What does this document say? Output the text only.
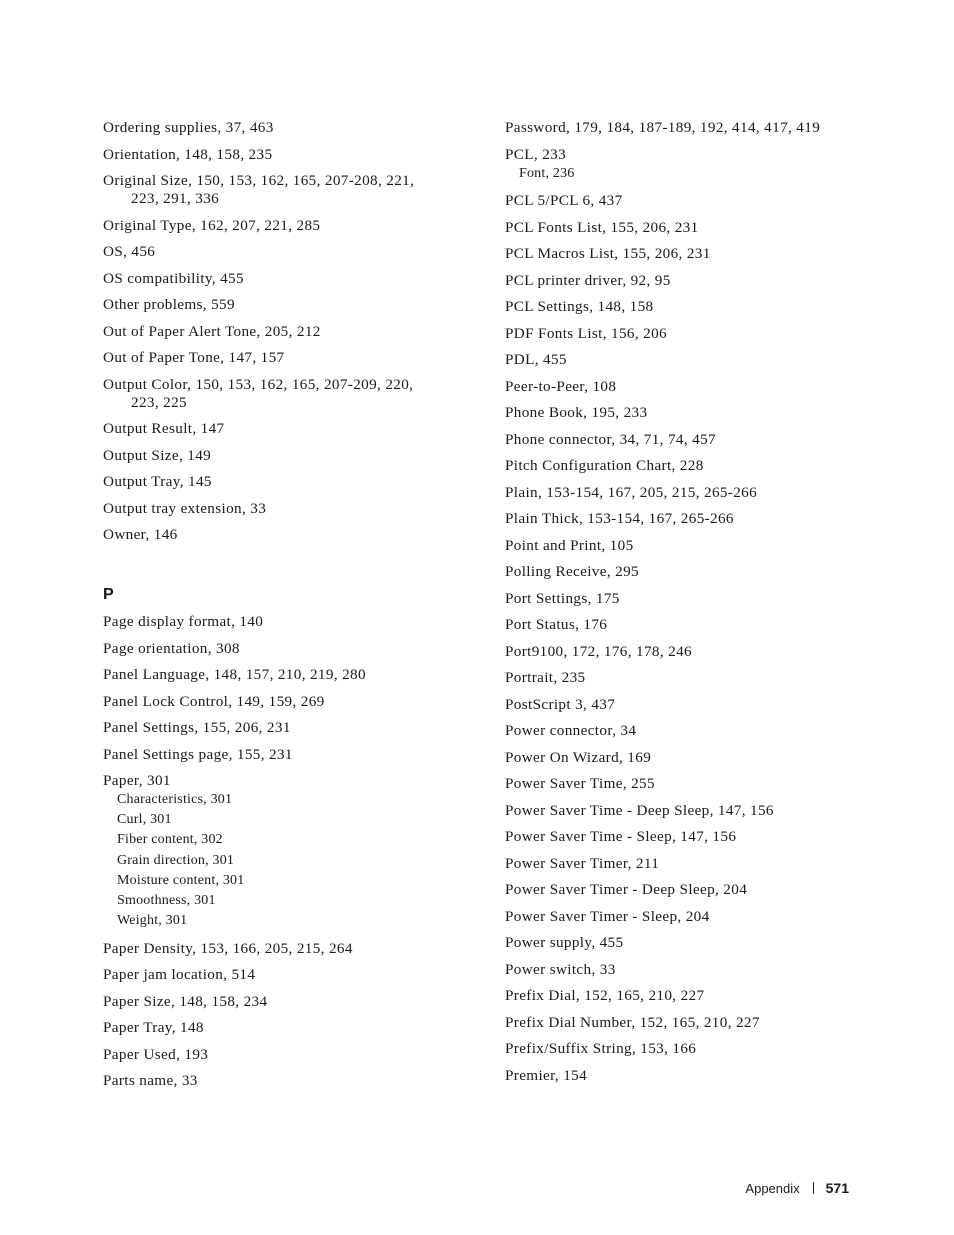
Ordering supplies, 37, 463
Orientation, 148, 158, 235
Original Size, 150, 153, 162, 165, 207-208, 221,
223, 291, 336
Original Type, 162, 207, 221, 285
OS, 456
OS compatibility, 455
Other problems, 559
Out of Paper Alert Tone, 205, 212
Out of Paper Tone, 147, 157
Output Color, 150, 153, 162, 165, 207-209, 220,
223, 225
Output Result, 147
Output Size, 149
Output Tray, 145
Output tray extension, 33
Owner, 146
P
Page display format, 140
Page orientation, 308
Panel Language, 148, 157, 210, 219, 280
Panel Lock Control, 149, 159, 269
Panel Settings, 155, 206, 231
Panel Settings page, 155, 231
Paper, 301
Characteristics, 301
Curl, 301
Fiber content, 302
Grain direction, 301
Moisture content, 301
Smoothness, 301
Weight, 301
Paper Density, 153, 166, 205, 215, 264
Paper jam location, 514
Paper Size, 148, 158, 234
Paper Tray, 148
Paper Used, 193
Parts name, 33
Password, 179, 184, 187-189, 192, 414, 417, 419
PCL, 233
Font, 236
PCL 5/PCL 6, 437
PCL Fonts List, 155, 206, 231
PCL Macros List, 155, 206, 231
PCL printer driver, 92, 95
PCL Settings, 148, 158
PDF Fonts List, 156, 206
PDL, 455
Peer-to-Peer, 108
Phone Book, 195, 233
Phone connector, 34, 71, 74, 457
Pitch Configuration Chart, 228
Plain, 153-154, 167, 205, 215, 265-266
Plain Thick, 153-154, 167, 265-266
Point and Print, 105
Polling Receive, 295
Port Settings, 175
Port Status, 176
Port9100, 172, 176, 178, 246
Portrait, 235
PostScript 3, 437
Power connector, 34
Power On Wizard, 169
Power Saver Time, 255
Power Saver Time - Deep Sleep, 147, 156
Power Saver Time - Sleep, 147, 156
Power Saver Timer, 211
Power Saver Timer - Deep Sleep, 204
Power Saver Timer - Sleep, 204
Power supply, 455
Power switch, 33
Prefix Dial, 152, 165, 210, 227
Prefix Dial Number, 152, 165, 210, 227
Prefix/Suffix String, 153, 166
Premier, 154
Appendix 571
